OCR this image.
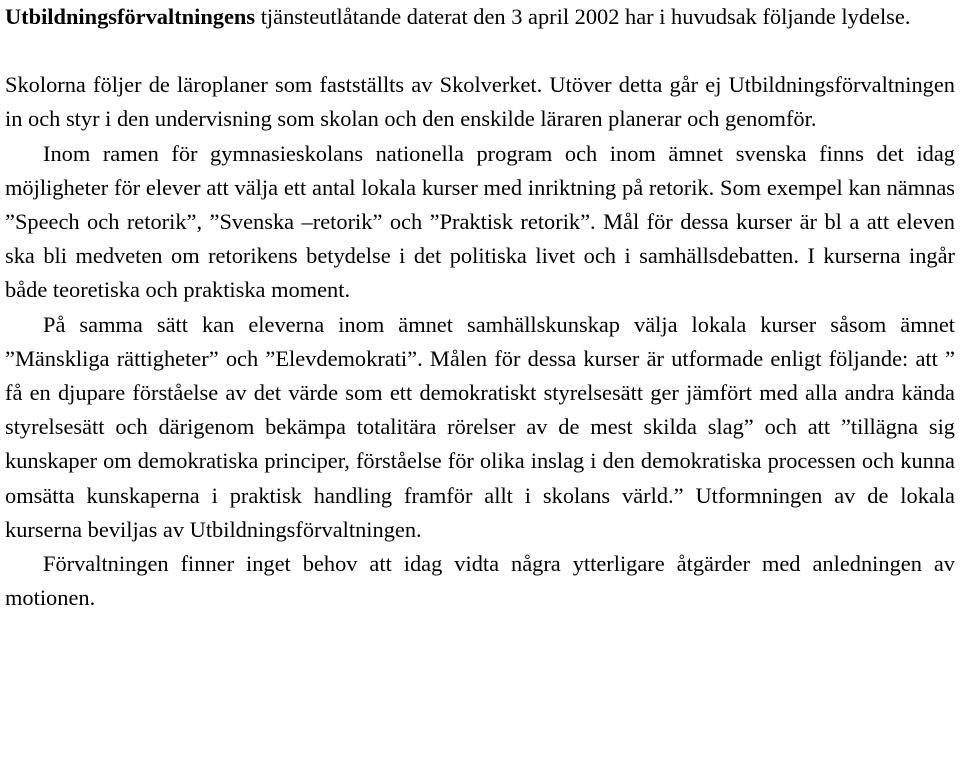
Utbildningsförvaltningens tjänsteutlåtande daterat den 3 april 2002 har i huvudsak följande lydelse.

Skolorna följer de läroplaner som fastställts av Skolverket. Utöver detta går ej Utbildningsförvaltningen in och styr i den undervisning som skolan och den enskilde läraren planerar och genomför.

Inom ramen för gymnasieskolans nationella program och inom ämnet svenska finns det idag möjligheter för elever att välja ett antal lokala kurser med inriktning på retorik. Som exempel kan nämnas ”Speech och retorik”, ”Svenska –retorik” och ”Praktisk retorik”. Mål för dessa kurser är bl a att eleven ska bli medveten om retorikens betydelse i det politiska livet och i samhällsdebatten. I kurserna ingår både teoretiska och praktiska moment.

På samma sätt kan eleverna inom ämnet samhällskunskap välja lokala kurser såsom ämnet ”Mänskliga rättigheter” och ”Elevdemokrati”. Målen för dessa kurser är utformade enligt följande: att ” få en djupare förståelse av det värde som ett demokratiskt styrelsesätt ger jämfört med alla andra kända styrelsesätt och därigenom bekämpa totalitära rörelser av de mest skilda slag” och att ”tillägna sig kunskaper om demokratiska principer, förståelse för olika inslag i den demokratiska processen och kunna omsätta kunskaperna i praktisk handling framför allt i skolans värld.” Utformningen av de lokala kurserna beviljas av Utbildningsförvaltningen.

Förvaltningen finner inget behov att idag vidta några ytterligare åtgärder med anledningen av motionen.
